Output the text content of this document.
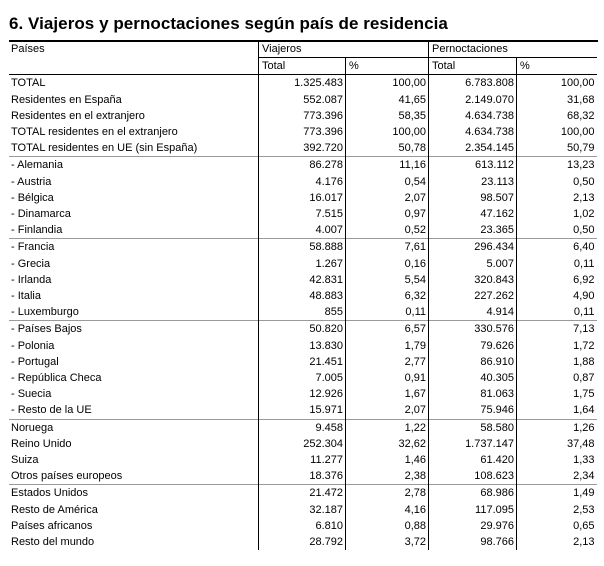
6. Viajeros y pernoctaciones según país de residencia
Países	Viajeros		Pernoctaciones	
	Total	%	Total	%
TOTAL	1.325.483	100,00	6.783.808	100,00
Residentes en España	552.087	41,65	2.149.070	31,68
Residentes en el extranjero	773.396	58,35	4.634.738	68,32
TOTAL residentes en el extranjero	773.396	100,00	4.634.738	100,00
TOTAL residentes en UE (sin España)	392.720	50,78	2.354.145	50,79
- Alemania	86.278	11,16	613.112	13,23
- Austria	4.176	0,54	23.113	0,50
- Bélgica	16.017	2,07	98.507	2,13
- Dinamarca	7.515	0,97	47.162	1,02
- Finlandia	4.007	0,52	23.365	0,50
- Francia	58.888	7,61	296.434	6,40
- Grecia	1.267	0,16	5.007	0,11
- Irlanda	42.831	5,54	320.843	6,92
- Italia	48.883	6,32	227.262	4,90
- Luxemburgo	855	0,11	4.914	0,11
- Países Bajos	50.820	6,57	330.576	7,13
- Polonia	13.830	1,79	79.626	1,72
- Portugal	21.451	2,77	86.910	1,88
- República Checa	7.005	0,91	40.305	0,87
- Suecia	12.926	1,67	81.063	1,75
- Resto de la UE	15.971	2,07	75.946	1,64
Noruega	9.458	1,22	58.580	1,26
Reino Unido	252.304	32,62	1.737.147	37,48
Suiza	11.277	1,46	61.420	1,33
Otros países europeos	18.376	2,38	108.623	2,34
Estados Unidos	21.472	2,78	68.986	1,49
Resto de América	32.187	4,16	117.095	2,53
Países africanos	6.810	0,88	29.976	0,65
Resto del mundo	28.792	3,72	98.766	2,13
